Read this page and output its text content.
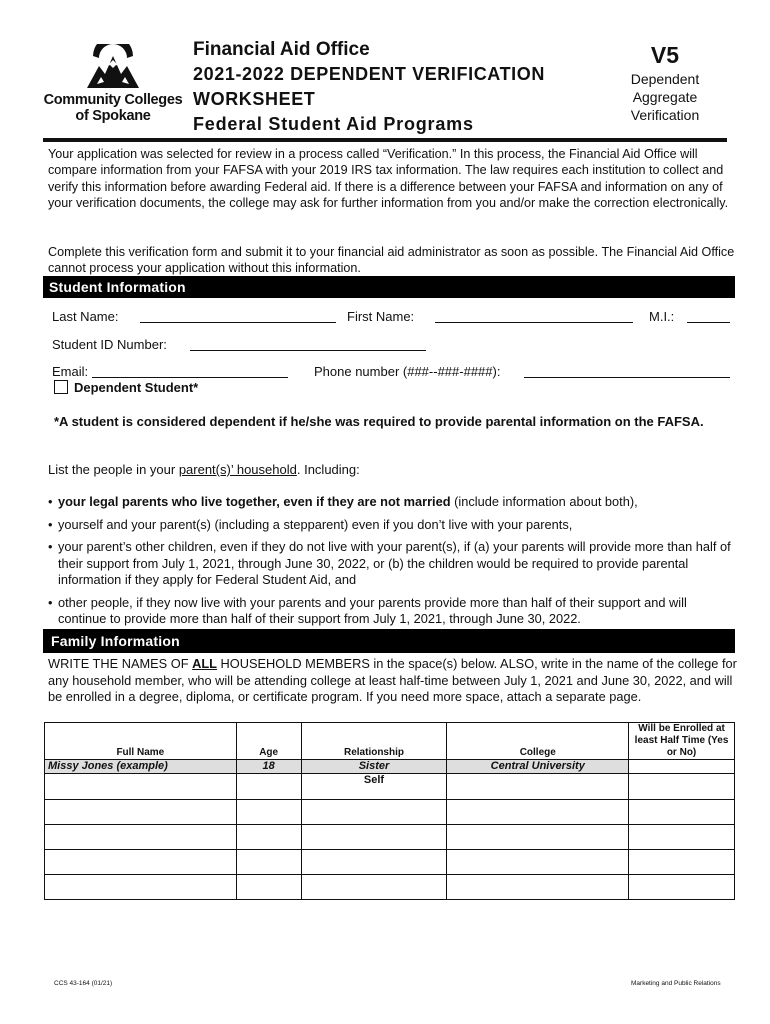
Community Colleges
of Spokane
Financial Aid Office
2021-2022 DEPENDENT VERIFICATION
WORKSHEET
Federal Student Aid Programs
V5
Dependent
Aggregate
Verification

Your application was selected for review in a process called “Verification.” In this process, the Financial Aid Office will compare information from your FAFSA with your 2019 IRS tax information. The law requires each institution to collect and verify this information before awarding Federal aid. If there is a difference between your FAFSA and information on any of your verification documents, the college may ask for further information from you and/or make the correction electronically.

Complete this verification form and submit it to your financial aid administrator as soon as possible. The Financial Aid Office cannot process your application without this information.

Student Information
Last Name:	First Name:	M.I.:
Student ID Number:
Email:	Phone number (###--###-####):
Dependent Student*
*A student is considered dependent if he/she was required to provide parental information on the FAFSA.
List the people in your parent(s)’ household. Including:
• your legal parents who live together, even if they are not married (include information about both),
• yourself and your parent(s) (including a stepparent) even if you don’t live with your parents,
• your parent’s other children, even if they do not live with your parent(s), if (a) your parents will provide more than half of their support from July 1, 2021, through June 30, 2022, or (b) the children would be required to provide parental information if they apply for Federal Student Aid, and
• other people, if they now live with your parents and your parents provide more than half of their support and will continue to provide more than half of their support from July 1, 2021, through June 30, 2022.
Family Information

WRITE THE NAMES OF ALL HOUSEHOLD MEMBERS in the space(s) below. ALSO, write in the name of the college for any household member, who will be attending college at least half-time between July 1, 2021 and June 30, 2022, and will be enrolled in a degree, diploma, or certificate program. If you need more space, attach a separate page.

Full Name	Age	Relationship	College	Will be Enrolled at least Half Time (Yes or No)
Missy Jones (example)	18	Sister	Central University	
		Self		

CCS 43-164 (01/21)	Marketing and Public Relations
